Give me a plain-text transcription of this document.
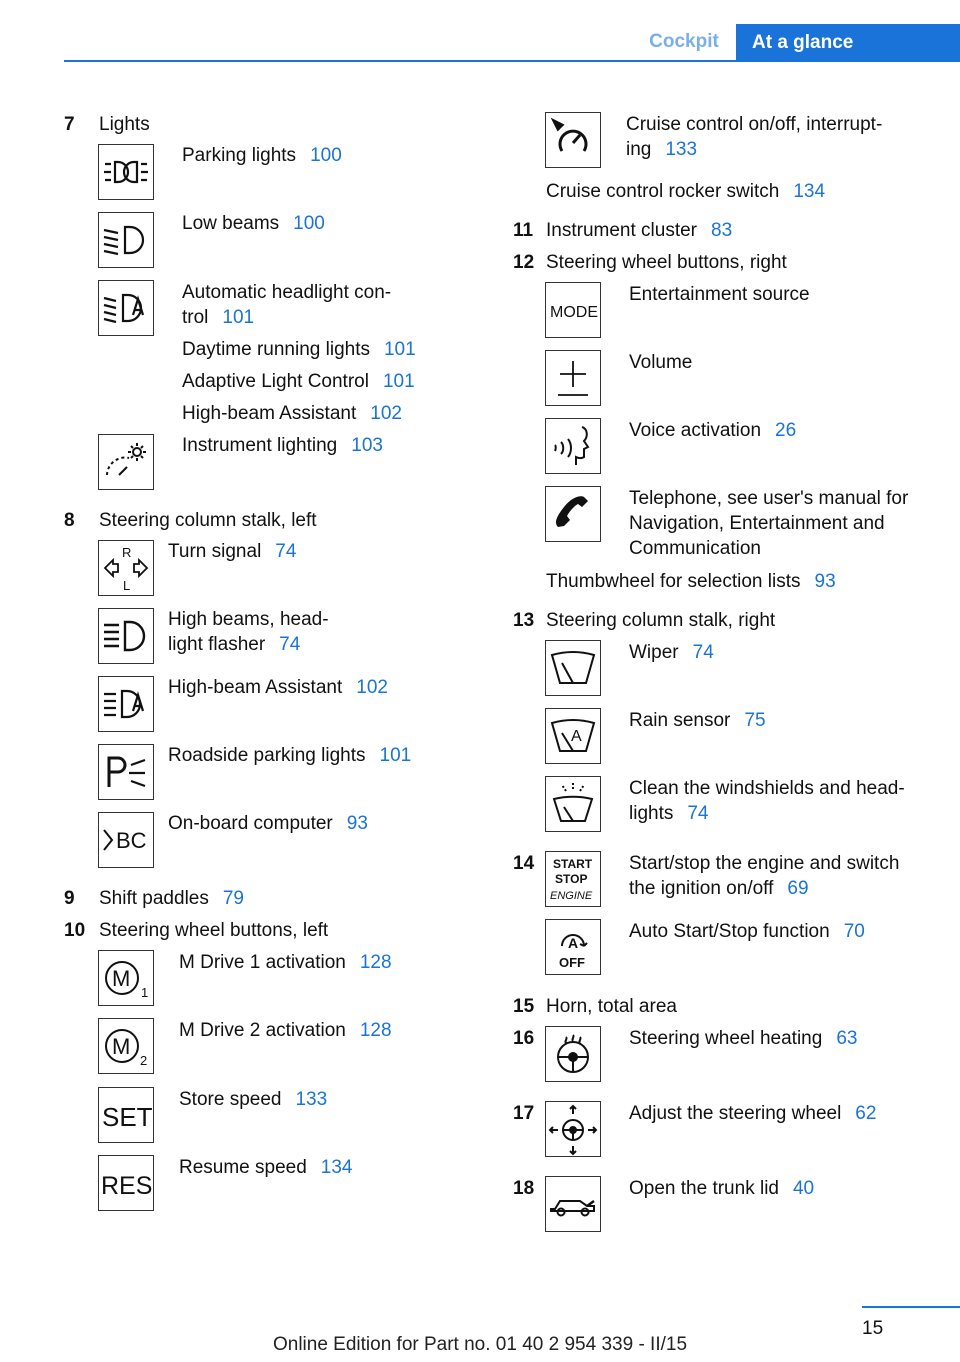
Cockpit	At a glance
7 Lights
Parking lights 100
Low beams 100
Automatic headlight con-
trol 101
Daytime running lights 101
Adaptive Light Control 101
High-beam Assistant 102
Instrument lighting 103
8 Steering column stalk, left
R
L
Turn signal 74
High beams, head-
light flasher 74
High-beam Assistant 102
Roadside parking lights 101
BC
On-board computer 93
9 Shift paddles 79
10 Steering wheel buttons, left
M
1
M Drive 1 activation 128
M
2
M Drive 2 activation 128
SET
Store speed 133
RES
Resume speed 134
Cruise control on/off, interrupt-
ing 133
Cruise control rocker switch 134
11 Instrument cluster 83
12 Steering wheel buttons, right
MODE
Entertainment source
Volume
Voice activation 26
Telephone, see user's manual for
Navigation, Entertainment and
Communication
Thumbwheel for selection lists 93
13 Steering column stalk, right
Wiper 74
A
Rain sensor 75
Clean the windshields and head-
lights 74
14 START
STOP
ENGINE
Start/stop the engine and switch
the ignition on/off 69
A
OFF
Auto Start/Stop function 70
15 Horn, total area
16	Steering wheel heating 63
17	Adjust the steering wheel 62
18	Open the trunk lid 40
15
Online Edition for Part no. 01 40 2 954 339 - II/15
